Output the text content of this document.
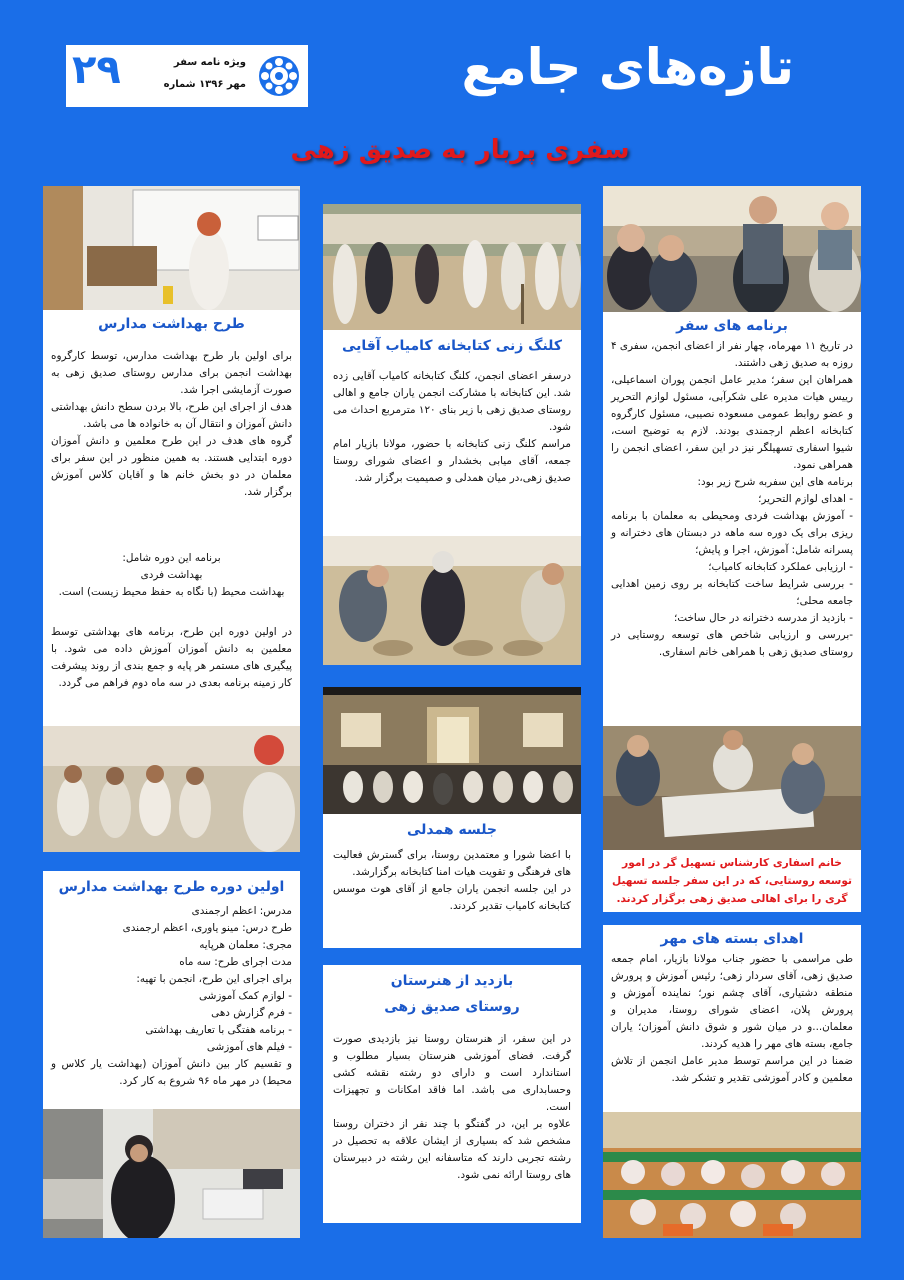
۲۹	ویژه نامه سفر
مهر ۱۳۹۶ شماره	تازه‌های جامع
سفری پربار به صدیق زهی
برنامه های سفر
در تاریخ ۱۱ مهرماه، چهار نفر از اعضای انجمن، سفری ۴ روزه به صدیق زهی داشتند.
همراهان این سفر؛ مدیر عامل انجمن پوران اسماعیلی، رییس هیات مدیره علی شکرآبی، مسئول لوازم التحریر و عضو روابط عمومی مسعوده نصیبی، مسئول کارگروه کتابخانه اعظم ارجمندی بودند. لازم به توضیح است، شیوا اسفاری تسهیلگر نیز در این سفر، اعضای انجمن را همراهی نمود.
برنامه های این سفربه شرح زیر بود:
- اهدای لوازم التحریر؛
- آموزش بهداشت فردی ومحیطی به معلمان با برنامه ریزی برای یک دوره سه ماهه در دبستان های دخترانه و پسرانه شامل: آموزش، اجرا و پایش؛
- ارزیابی عملکرد کتابخانه کامیاب؛
- بررسی شرایط ساخت کتابخانه بر روی زمین اهدایی جامعه محلی؛
- بازدید از مدرسه دخترانه در حال ساخت؛
-بررسی و ارزیابی شاخص های توسعه روستایی در روستای صدیق زهی با همراهی خانم اسفاری.
خانم اسفاری کارشناس تسهیل گر در امور توسعه روستایی، که در این سفر جلسه تسهیل گری را برای اهالی صدیق زهی برگزار کردند.
اهدای بسته های مهر
طی مراسمی با حضور جناب مولانا بازیار، امام جمعه صدیق زهی، آقای سردار زهی؛ رئیس آموزش و پرورش منطقه دشتیاری، آقای چشم نور؛ نماینده آموزش و پرورش پلان، اعضای شورای روستا، مدیران و معلمان...و در میان شور و شوق دانش آموزان؛ یاران جامع، بسته های مهر را هدیه کردند.
ضمنا در این مراسم توسط مدیر عامل انجمن از تلاش معلمین و کادر آموزشی تقدیر و تشکر شد.
کلنگ زنی کتابخانه کامیاب آقایی
درسفر اعضای انجمن، کلنگ کتابخانه کامیاب آقایی زده شد. این کتابخانه با مشارکت انجمن یاران جامع و اهالی روستای صدیق زهی با زیر بنای ۱۲۰ مترمربع احداث می شود.
مراسم کلنگ زنی کتابخانه با حضور، مولانا بازیار امام جمعه، آقای میابی بخشدار و اعضای شورای روستا صدیق زهی،در میان همدلی و صمیمیت برگزار شد.
جلسه همدلی
با اعضا شورا و معتمدین روستا، برای گسترش فعالیت های فرهنگی و تقویت هیات امنا کتابخانه برگزارشد.
در این جلسه انجمن یاران جامع از آقای هوت موسس کتابخانه کامیاب تقدیر کردند.
بازدید از هنرستان
روستای صدیق زهی
در این سفر، از هنرستان روستا نیز بازدیدی صورت گرفت. فضای آموزشی هنرستان بسیار مطلوب و استاندارد است و دارای دو رشته نقشه کشی وحسابداری می باشد. اما فاقد امکانات و تجهیزات است.
علاوه بر این، در گفتگو با چند نفر از دختران روستا مشخص شد که بسیاری از ایشان علاقه به تحصیل در رشته تجربی دارند که متاسفانه این رشته در دبیرستان های روستا ارائه نمی شود.
طرح بهداشت مدارس
برای اولین بار طرح بهداشت مدارس، توسط کارگروه بهداشت انجمن برای مدارس روستای صدیق زهی به صورت آزمایشی اجرا شد.
هدف از اجرای این طرح، بالا بردن سطح دانش بهداشتی دانش آموزان و انتقال آن به خانواده ها می باشد.
گروه های هدف در این طرح معلمین و دانش آموزان دوره ابتدایی هستند. به همین منظور در این سفر برای معلمان در دو بخش خانم ها و آقایان کلاس آموزش برگزار شد.
برنامه این دوره شامل:
بهداشت فردی
بهداشت محیط (با نگاه به حفظ محیط زیست) است.
در اولین دوره این طرح، برنامه های بهداشتی توسط معلمین به دانش آموزان آموزش داده می شود. با پیگیری های مستمر هر پایه و جمع بندی از روند پیشرفت کار زمینه برنامه بعدی در سه ماه دوم فراهم می گردد.
اولین دوره طرح بهداشت مدارس
مدرس: اعظم ارجمندی
طرح درس: مینو یاوری، اعظم ارجمندی
مجری: معلمان هرپایه
مدت اجرای طرح: سه ماه
برای اجرای این طرح، انجمن با تهیه:
- لوازم کمک آموزشی
- فرم گزارش دهی
- برنامه هفتگی با تعاریف بهداشتی
- فیلم های آموزشی
و تقسیم کار بین دانش آموزان (بهداشت یار کلاس و محیط) در مهر ماه ۹۶ شروع به کار کرد.
